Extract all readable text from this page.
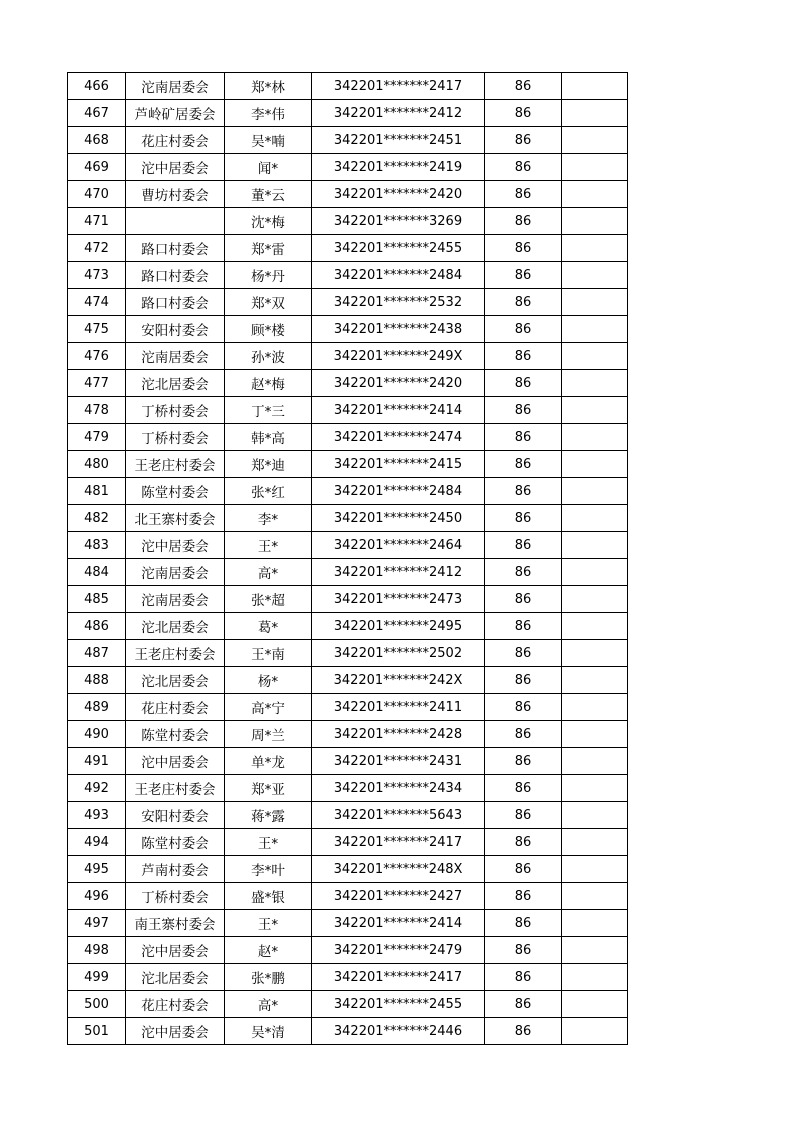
466	沱南居委会	郑*林	342201*******2417	86	
467	芦岭矿居委会	李*伟	342201*******2412	86	
468	花庄村委会	吴*喃	342201*******2451	86	
469	沱中居委会	闻*	342201*******2419	86	
470	曹坊村委会	董*云	342201*******2420	86	
471		沈*梅	342201*******3269	86	
472	路口村委会	郑*雷	342201*******2455	86	
473	路口村委会	杨*丹	342201*******2484	86	
474	路口村委会	郑*双	342201*******2532	86	
475	安阳村委会	顾*楼	342201*******2438	86	
476	沱南居委会	孙*波	342201*******249X	86	
477	沱北居委会	赵*梅	342201*******2420	86	
478	丁桥村委会	丁*三	342201*******2414	86	
479	丁桥村委会	韩*高	342201*******2474	86	
480	王老庄村委会	郑*迪	342201*******2415	86	
481	陈堂村委会	张*红	342201*******2484	86	
482	北王寨村委会	李*	342201*******2450	86	
483	沱中居委会	王*	342201*******2464	86	
484	沱南居委会	高*	342201*******2412	86	
485	沱南居委会	张*超	342201*******2473	86	
486	沱北居委会	葛*	342201*******2495	86	
487	王老庄村委会	王*南	342201*******2502	86	
488	沱北居委会	杨*	342201*******242X	86	
489	花庄村委会	高*宁	342201*******2411	86	
490	陈堂村委会	周*兰	342201*******2428	86	
491	沱中居委会	单*龙	342201*******2431	86	
492	王老庄村委会	郑*亚	342201*******2434	86	
493	安阳村委会	蒋*露	342201*******5643	86	
494	陈堂村委会	王*	342201*******2417	86	
495	芦南村委会	李*叶	342201*******248X	86	
496	丁桥村委会	盛*银	342201*******2427	86	
497	南王寨村委会	王*	342201*******2414	86	
498	沱中居委会	赵*	342201*******2479	86	
499	沱北居委会	张*鹏	342201*******2417	86	
500	花庄村委会	高*	342201*******2455	86	
501	沱中居委会	吴*清	342201*******2446	86	
